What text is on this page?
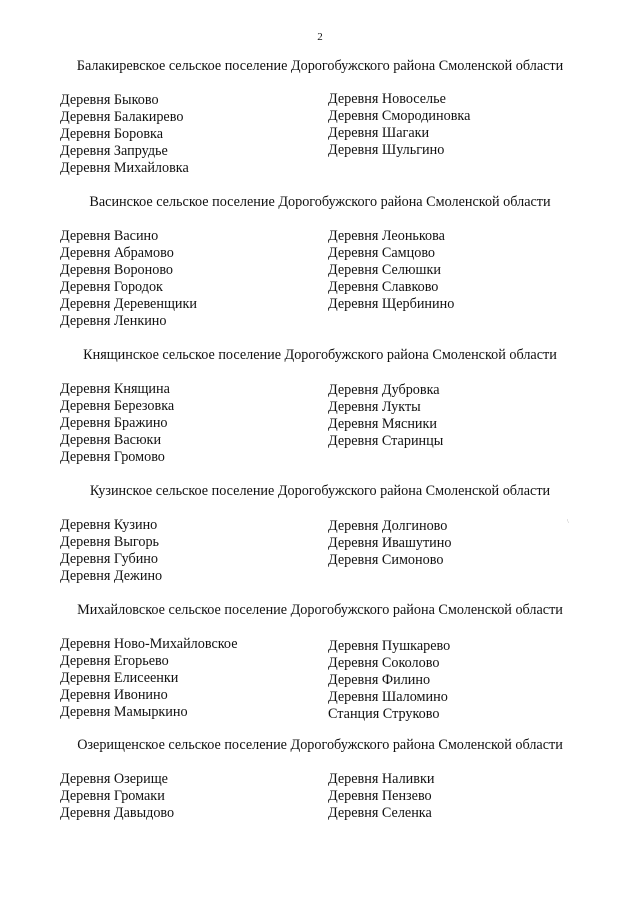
2
Балакиревское сельское поселение Дорогобужского района Смоленской области
Деревня Быково
Деревня Балакирево
Деревня Боровка
Деревня Запрудье
Деревня Михайловка
Деревня Новоселье
Деревня Смородиновка
Деревня Шагаки
Деревня Шульгино
Васинское сельское поселение Дорогобужского района Смоленской области
Деревня Васино
Деревня Абрамово
Деревня Вороново
Деревня Городок
Деревня Деревенщики
Деревня Ленкино
Деревня Леонькова
Деревня Самцово
Деревня Селюшки
Деревня Славково
Деревня Щербинино
Княщинское сельское поселение Дорогобужского района Смоленской области
Деревня Княщина
Деревня Березовка
Деревня Бражино
Деревня Васюки
Деревня Громово
Деревня Дубровка
Деревня Лукты
Деревня Мясники
Деревня Старинцы
Кузинское сельское поселение Дорогобужского района Смоленской области
Деревня Кузино
Деревня Выгорь
Деревня Губино
Деревня Дежино
Деревня Долгиново
Деревня Ивашутино
Деревня Симоново
\
Михайловское сельское поселение Дорогобужского района Смоленской области
Деревня Ново-Михайловское
Деревня Егорьево
Деревня Елисеенки
Деревня Ивонино
Деревня Мамыркино
Деревня Пушкарево
Деревня Соколово
Деревня Филино
Деревня Шаломино
Станция Струково
Озерищенское сельское поселение Дорогобужского района Смоленской области
Деревня Озерище
Деревня Громаки
Деревня Давыдово
Деревня Наливки
Деревня Пензево
Деревня Селенка
